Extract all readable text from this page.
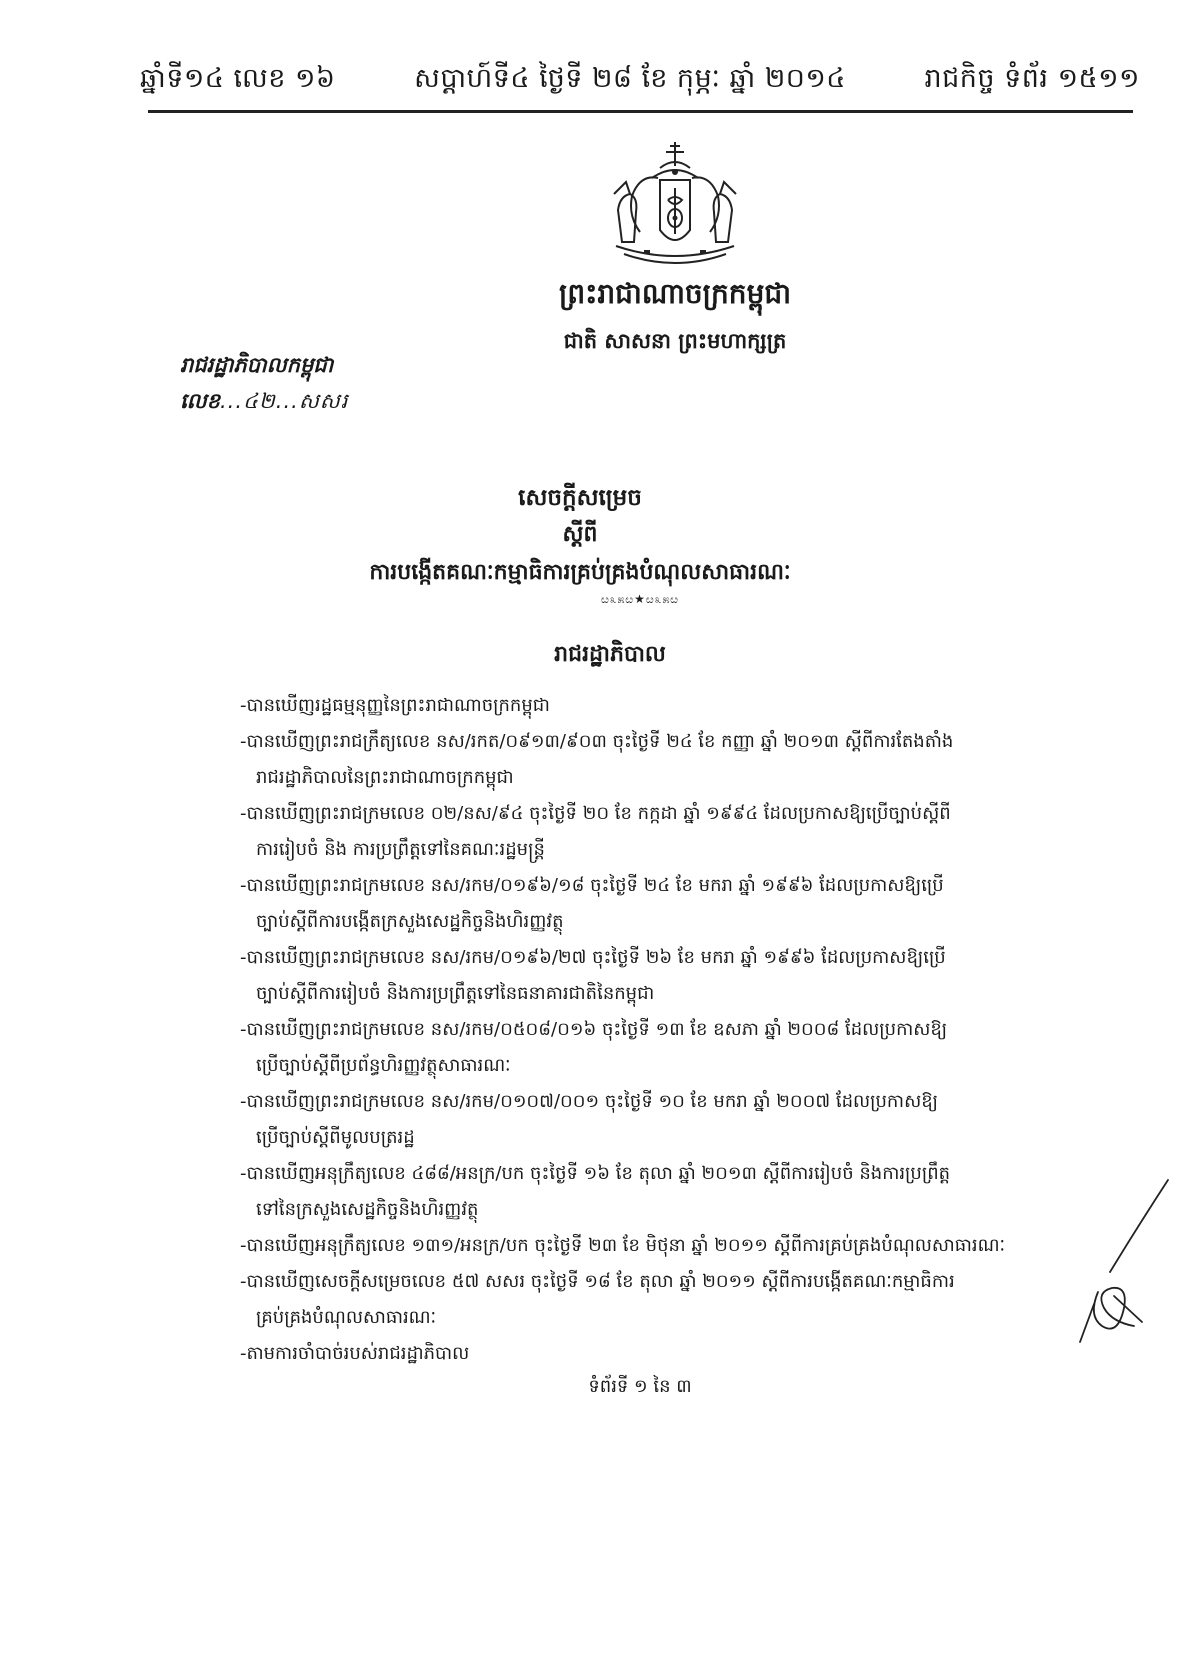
ឆ្នាំទី១៤ លេខ ១៦	សប្តាហ៍ទី៤ ថ្ងៃទី ២៨ ខែ កុម្ភៈ ឆ្នាំ ២០១៤	រាជកិច្ច ទំព័រ ១៥១១
ព្រះរាជាណាចក្រកម្ពុជា
ជាតិ សាសនា ព្រះមហាក្សត្រ
រាជរដ្ឋាភិបាលកម្ពុជា
លេខ...៤២...សសរ
សេចក្តីសម្រេច
ស្តីពី
ការបង្កើតគណៈកម្មាធិការគ្រប់គ្រងបំណុលសាធារណៈ
ೞ೩೫ೞ★ೞ೩೫ೞ
រាជរដ្ឋាភិបាល
-បានឃើញរដ្ឋធម្មនុញ្ញនៃព្រះរាជាណាចក្រកម្ពុជា
-បានឃើញព្រះរាជក្រឹត្យលេខ នស/រកត/០៩១៣/៩០៣ ចុះថ្ងៃទី ២៤ ខែ កញ្ញា ឆ្នាំ ២០១៣ ស្តីពីការតែងតាំង
រាជរដ្ឋាភិបាលនៃព្រះរាជាណាចក្រកម្ពុជា
-បានឃើញព្រះរាជក្រមលេខ ០២/នស/៩៤ ចុះថ្ងៃទី ២០ ខែ កក្កដា ឆ្នាំ ១៩៩៤ ដែលប្រកាសឱ្យប្រើច្បាប់ស្តីពី
ការរៀបចំ និង ការប្រព្រឹត្តទៅនៃគណៈរដ្ឋមន្ត្រី
-បានឃើញព្រះរាជក្រមលេខ នស/រកម/០១៩៦/១៨ ចុះថ្ងៃទី ២៤ ខែ មករា ឆ្នាំ ១៩៩៦ ដែលប្រកាសឱ្យប្រើ
ច្បាប់ស្តីពីការបង្កើតក្រសួងសេដ្ឋកិច្ចនិងហិរញ្ញវត្ថុ
-បានឃើញព្រះរាជក្រមលេខ នស/រកម/០១៩៦/២៧ ចុះថ្ងៃទី ២៦ ខែ មករា ឆ្នាំ ១៩៩៦ ដែលប្រកាសឱ្យប្រើ
ច្បាប់ស្តីពីការរៀបចំ និងការប្រព្រឹត្តទៅនៃធនាគារជាតិនៃកម្ពុជា
-បានឃើញព្រះរាជក្រមលេខ នស/រកម/០៥០៨/០១៦ ចុះថ្ងៃទី ១៣ ខែ ឧសភា ឆ្នាំ ២០០៨ ដែលប្រកាសឱ្យ
ប្រើច្បាប់ស្តីពីប្រព័ន្ធហិរញ្ញវត្ថុសាធារណៈ
-បានឃើញព្រះរាជក្រមលេខ នស/រកម/០១០៧/០០១ ចុះថ្ងៃទី ១០ ខែ មករា ឆ្នាំ ២០០៧ ដែលប្រកាសឱ្យ
ប្រើច្បាប់ស្តីពីមូលបត្ររដ្ឋ
-បានឃើញអនុក្រឹត្យលេខ ៤៨៨/អនក្រ/បក ចុះថ្ងៃទី ១៦ ខែ តុលា ឆ្នាំ ២០១៣ ស្តីពីការរៀបចំ និងការប្រព្រឹត្ត
ទៅនៃក្រសួងសេដ្ឋកិច្ចនិងហិរញ្ញវត្ថុ
-បានឃើញអនុក្រឹត្យលេខ ១៣១/អនក្រ/បក ចុះថ្ងៃទី ២៣ ខែ មិថុនា ឆ្នាំ ២០១១ ស្តីពីការគ្រប់គ្រងបំណុលសាធារណៈ
-បានឃើញសេចក្តីសម្រេចលេខ ៥៧ សសរ ចុះថ្ងៃទី ១៨ ខែ តុលា ឆ្នាំ ២០១១ ស្តីពីការបង្កើតគណៈកម្មាធិការ
គ្រប់គ្រងបំណុលសាធារណៈ
-តាមការចាំបាច់របស់រាជរដ្ឋាភិបាល
ទំព័រទី ១ នៃ ៣
